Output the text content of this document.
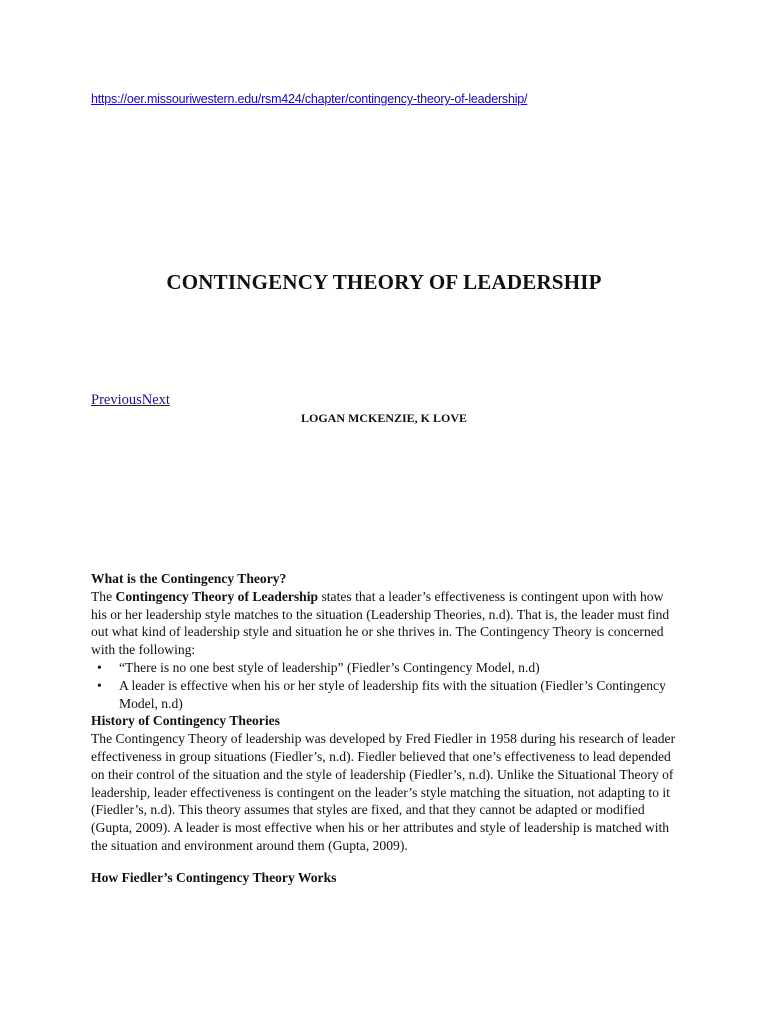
https://oer.missouriwestern.edu/rsm424/chapter/contingency-theory-of-leadership/
CONTINGENCY THEORY OF LEADERSHIP
PreviousNext
LOGAN MCKENZIE, K LOVE
What is the Contingency Theory?

The Contingency Theory of Leadership states that a leader’s effectiveness is contingent upon with how his or her leadership style matches to the situation (Leadership Theories, n.d). That is, the leader must find out what kind of leadership style and situation he or she thrives in. The Contingency Theory is concerned with the following:

• “There is no one best style of leadership” (Fiedler’s Contingency Model, n.d)
• A leader is effective when his or her style of leadership fits with the situation (Fiedler’s Contingency Model, n.d)
History of Contingency Theories

The Contingency Theory of leadership was developed by Fred Fiedler in 1958 during his research of leader effectiveness in group situations (Fiedler’s, n.d). Fiedler believed that one’s effectiveness to lead depended on their control of the situation and the style of leadership (Fiedler’s, n.d). Unlike the Situational Theory of leadership, leader effectiveness is contingent on the leader’s style matching the situation, not adapting to it (Fiedler’s, n.d). This theory assumes that styles are fixed, and that they cannot be adapted or modified (Gupta, 2009). A leader is most effective when his or her attributes and style of leadership is matched with the situation and environment around them (Gupta, 2009).

How Fiedler’s Contingency Theory Works
